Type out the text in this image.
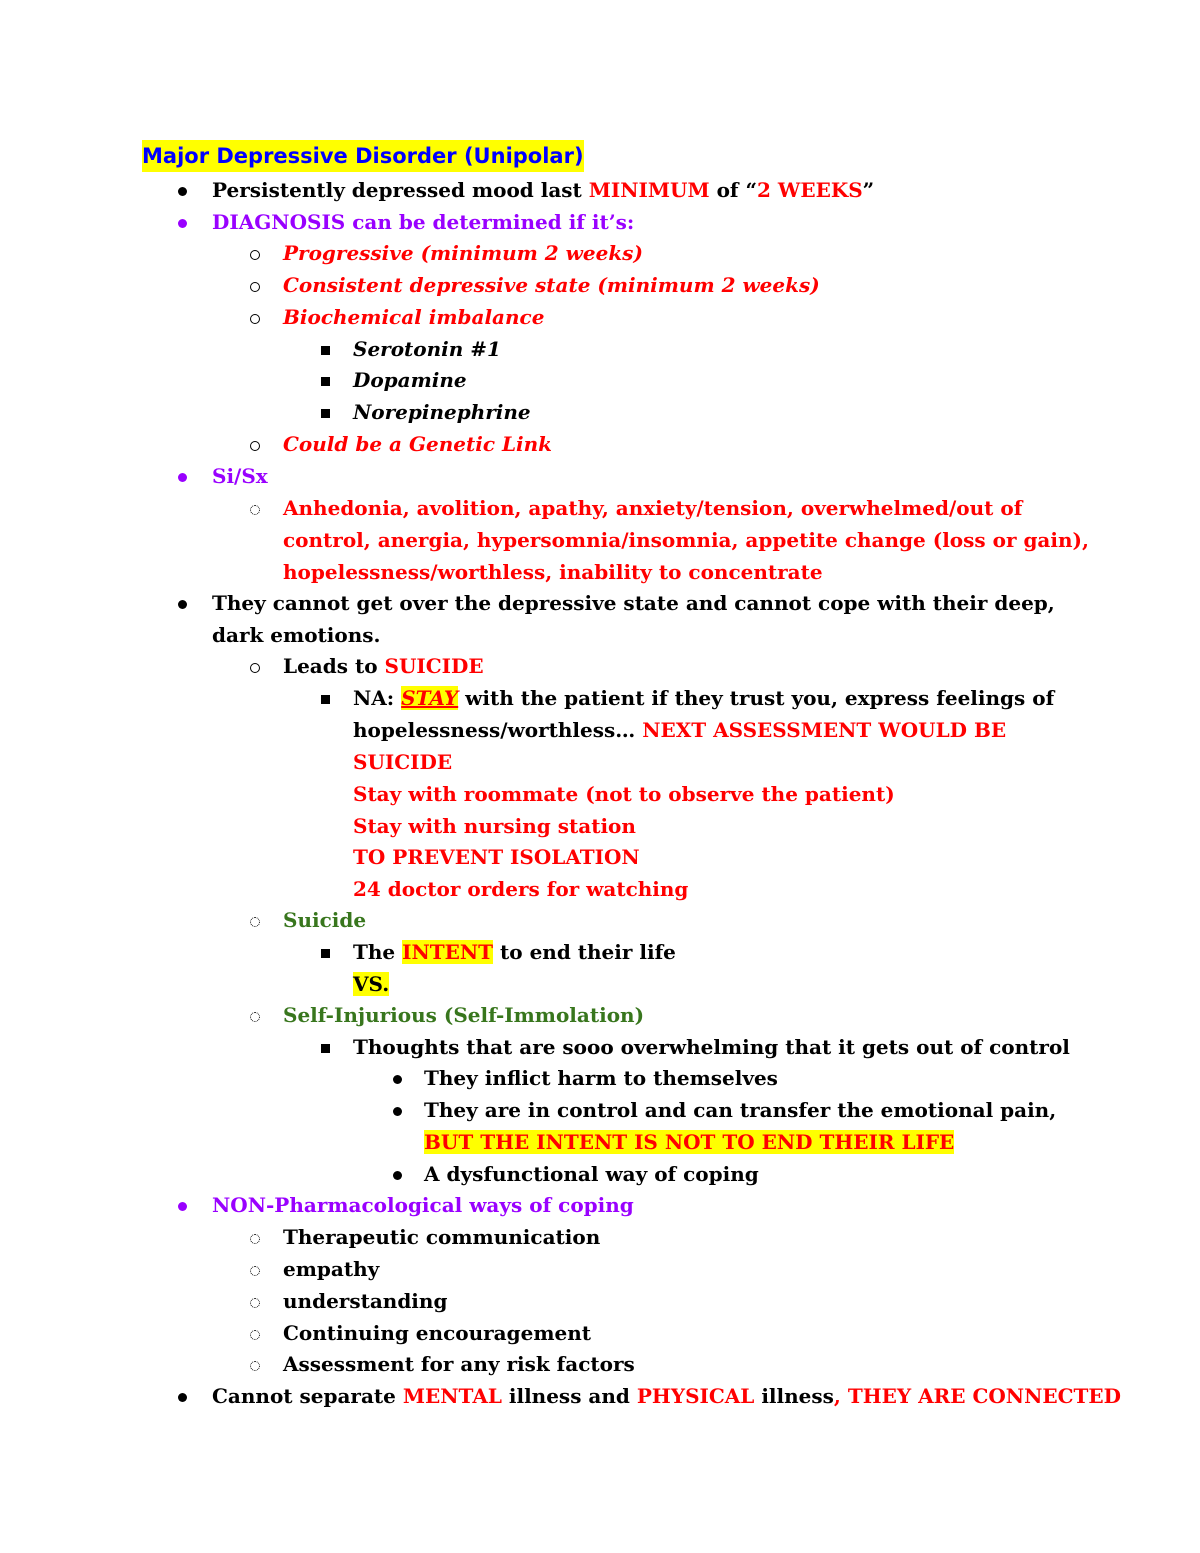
Major Depressive Disorder (Unipolar)
Persistently depressed mood last MINIMUM of “2 WEEKS”
DIAGNOSIS can be determined if it’s:
Progressive (minimum 2 weeks)
Consistent depressive state (minimum 2 weeks)
Biochemical imbalance
Serotonin #1
Dopamine
Norepinephrine
Could be a Genetic Link
Si/Sx
Anhedonia, avolition, apathy, anxiety/tension, overwhelmed/out of
control, anergia, hypersomnia/insomnia, appetite change (loss or gain),
hopelessness/worthless, inability to concentrate
They cannot get over the depressive state and cannot cope with their deep,
dark emotions.
Leads to SUICIDE
NA: STAY with the patient if they trust you, express feelings of
hopelessness/worthless… NEXT ASSESSMENT WOULD BE
SUICIDE
Stay with roommate (not to observe the patient)
Stay with nursing station
TO PREVENT ISOLATION
24 doctor orders for watching
Suicide
The INTENT to end their life
VS.
Self-Injurious (Self-Immolation)
Thoughts that are sooo overwhelming that it gets out of control
They inflict harm to themselves
They are in control and can transfer the emotional pain,
BUT THE INTENT IS NOT TO END THEIR LIFE
A dysfunctional way of coping
NON-Pharmacological ways of coping
Therapeutic communication
empathy
understanding
Continuing encouragement
Assessment for any risk factors
Cannot separate MENTAL illness and PHYSICAL illness, THEY ARE CONNECTED
